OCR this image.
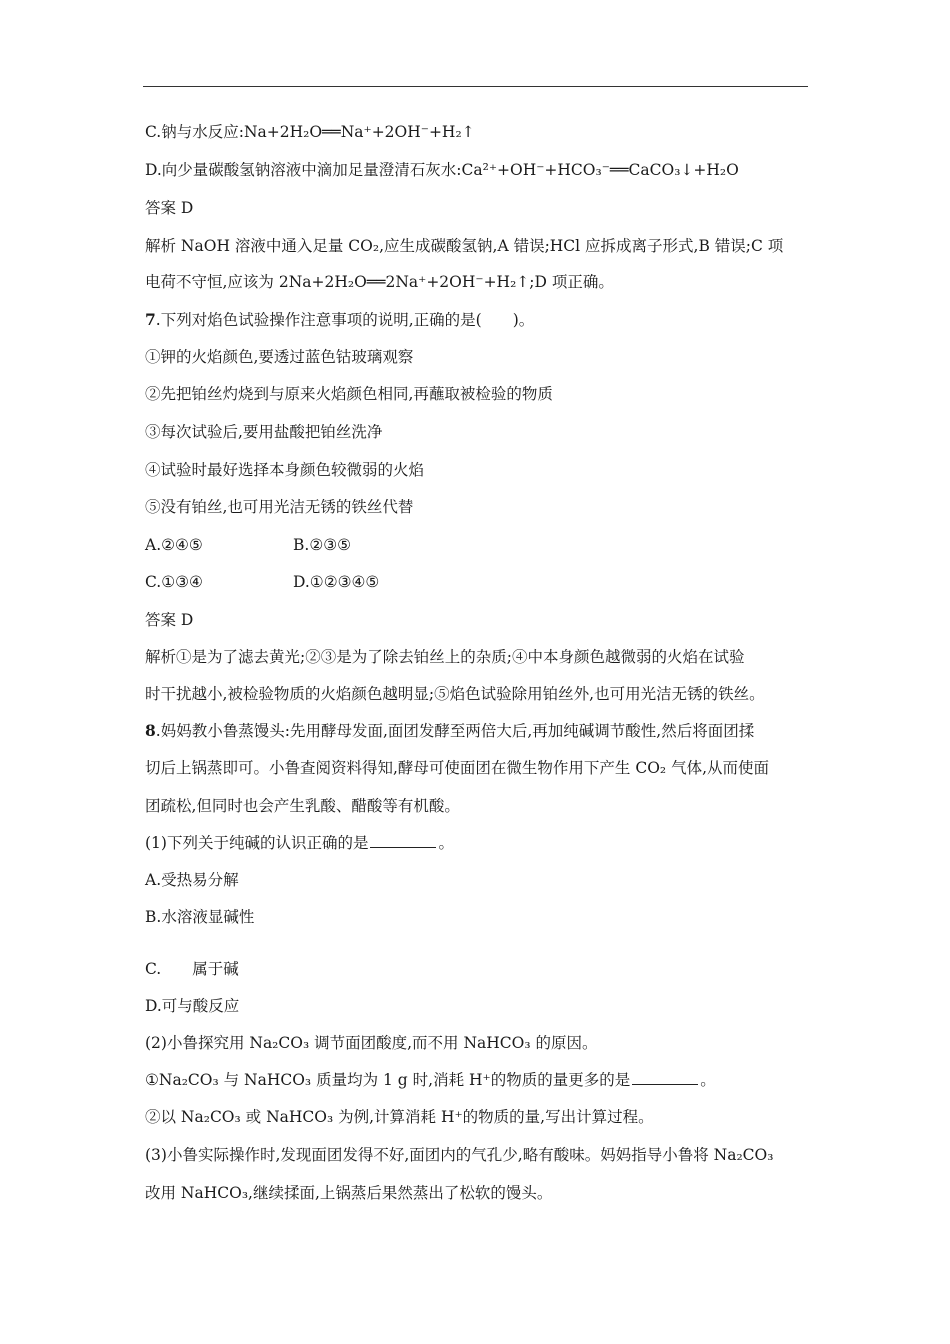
C.钠与水反应:Na+2H₂O══Na⁺+2OH⁻+H₂↑
D.向少量碳酸氢钠溶液中滴加足量澄清石灰水:Ca²⁺+OH⁻+HCO₃⁻══CaCO₃↓+H₂O
答案 D
解析 NaOH 溶液中通入足量 CO₂,应生成碳酸氢钠,A 错误;HCl 应拆成离子形式,B 错误;C 项
电荷不守恒,应该为 2Na+2H₂O══2Na⁺+2OH⁻+H₂↑;D 项正确。
7.下列对焰色试验操作注意事项的说明,正确的是(　　)。
①钾的火焰颜色,要透过蓝色钴玻璃观察
②先把铂丝灼烧到与原来火焰颜色相同,再蘸取被检验的物质
③每次试验后,要用盐酸把铂丝洗净
④试验时最好选择本身颜色较微弱的火焰
⑤没有铂丝,也可用光洁无锈的铁丝代替
A.②④⑤	B.②③⑤
C.①③④	D.①②③④⑤
答案 D
解析①是为了滤去黄光;②③是为了除去铂丝上的杂质;④中本身颜色越微弱的火焰在试验
时干扰越小,被检验物质的火焰颜色越明显;⑤焰色试验除用铂丝外,也可用光洁无锈的铁丝。
8.妈妈教小鲁蒸馒头:先用酵母发面,面团发酵至两倍大后,再加纯碱调节酸性,然后将面团揉
切后上锅蒸即可。小鲁查阅资料得知,酵母可使面团在微生物作用下产生 CO₂ 气体,从而使面
团疏松,但同时也会产生乳酸、醋酸等有机酸。
(1)下列关于纯碱的认识正确的是	。
A.受热易分解
B.水溶液显碱性
C.　　属于碱
D.可与酸反应
(2)小鲁探究用 Na₂CO₃ 调节面团酸度,而不用 NaHCO₃ 的原因。
①Na₂CO₃ 与 NaHCO₃ 质量均为 1 g 时,消耗 H⁺的物质的量更多的是	。
②以 Na₂CO₃ 或 NaHCO₃ 为例,计算消耗 H⁺的物质的量,写出计算过程。
(3)小鲁实际操作时,发现面团发得不好,面团内的气孔少,略有酸味。妈妈指导小鲁将 Na₂CO₃
改用 NaHCO₃,继续揉面,上锅蒸后果然蒸出了松软的馒头。
